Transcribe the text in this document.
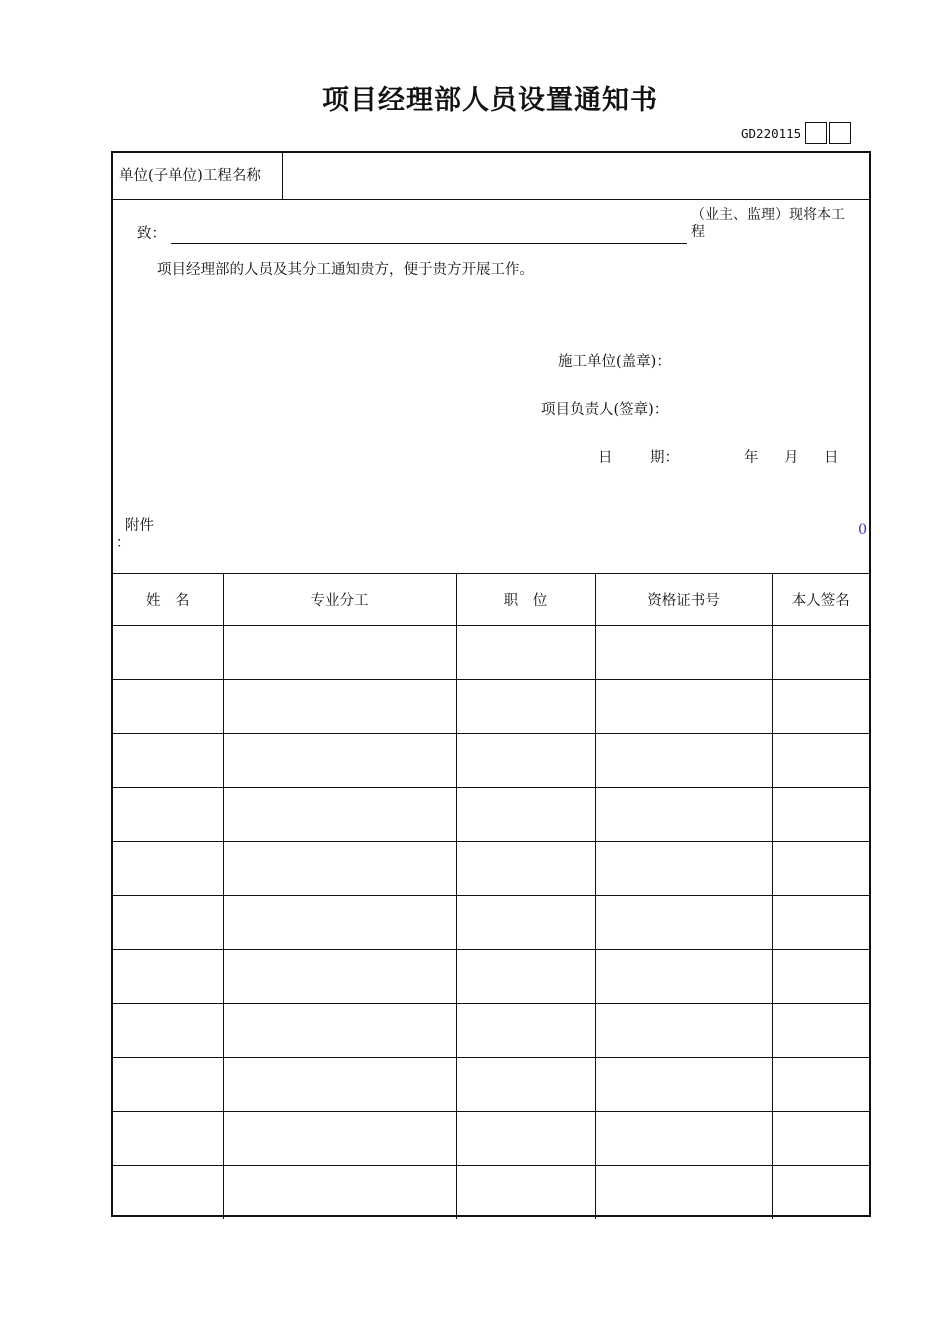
项目经理部人员设置通知书
GD220115
单位(子单位)工程名称
致：
（业主、监理）现将本工
程
项目经理部的人员及其分工通知贵方，便于贵方开展工作。
施工单位(盖章)：
项目负责人(签章)：
日	期：	年 月 日
附件
：
0
姓　名	专业分工	职　位	资格证书号	本人签名
